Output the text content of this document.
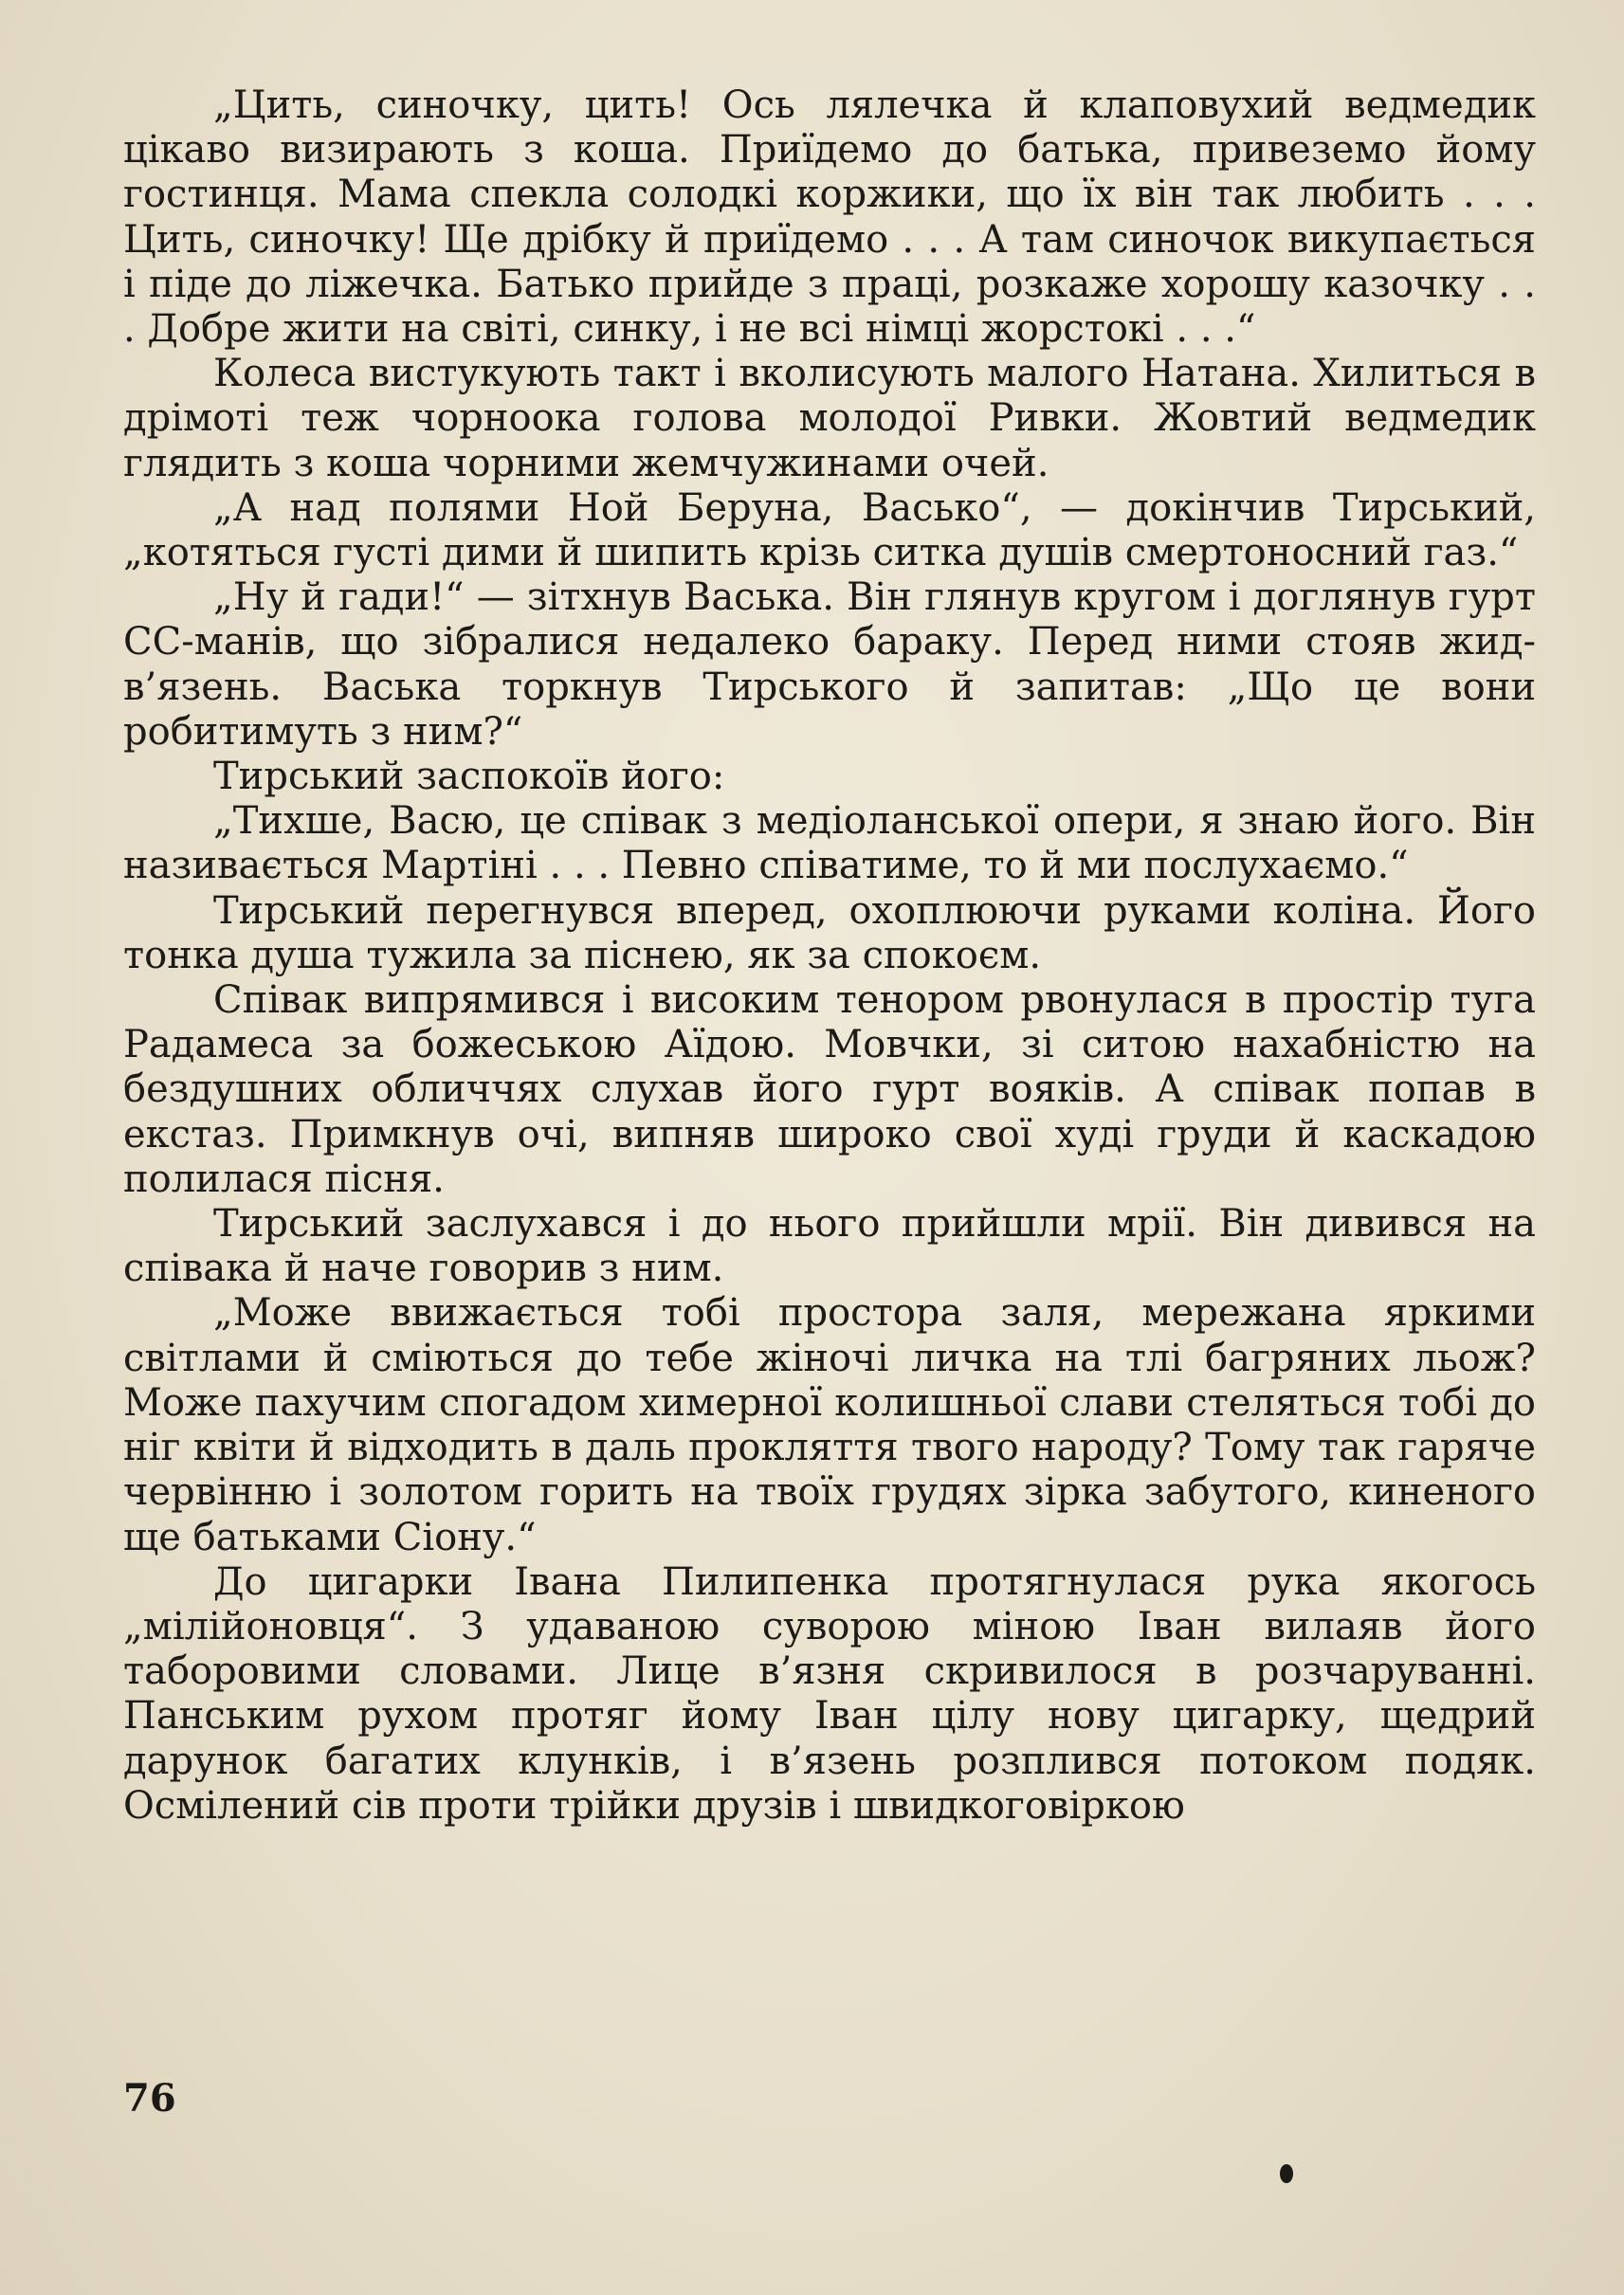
„Цить, синочку, цить! Ось лялечка й клаповухий ведмедик цікаво визирають з коша. Приїдемо до батька, привеземо йому гостинця. Мама спекла солодкі коржики, що їх він так любить . . . Цить, синочку! Ще дрібку й приїдемо . . . А там синочок викупається і піде до ліжечка. Батько прийде з праці, розкаже хорошу казочку . . . Добре жити на світі, синку, і не всі німці жорстокі . . .“

Колеса вистукують такт і вколисують малого Натана. Хилиться в дрімоті теж чорноока голова молодої Ривки. Жовтий ведмедик глядить з коша чорними жемчужинами очей.

„А над полями Ной Беруна, Васько“, — докінчив Тирський, „котяться густі дими й шипить крізь ситка душів смертоносний газ.“

„Ну й гади!“ — зітхнув Васька. Він глянув кругом і доглянув гурт СС-манів, що зібралися недалеко бараку. Перед ними стояв жид-в’язень. Васька торкнув Тирського й запитав: „Що це вони робитимуть з ним?“

Тирський заспокоїв його:

„Тихше, Васю, це співак з медіоланської опери, я знаю його. Він називається Мартіні . . . Певно співатиме, то й ми послухаємо.“

Тирський перегнувся вперед, охоплюючи руками коліна. Його тонка душа тужила за піснею, як за спокоєм.

Співак випрямився і високим тенором рвонулася в простір туга Радамеса за божеською Аїдою. Мовчки, зі ситою нахабністю на бездушних обличчях слухав його гурт вояків. А співак попав в екстаз. Примкнув очі, випняв широко свої худі груди й каскадою полилася пісня.

Тирський заслухався і до нього прийшли мрії. Він дивився на співака й наче говорив з ним.

„Може ввижається тобі простора заля, мережана яркими світлами й сміються до тебе жіночі личка на тлі багряних льож? Може пахучим спогадом химерної колишньої слави стеляться тобі до ніг квіти й відходить в даль прокляття твого народу? Тому так гаряче червінню і золотом горить на твоїх грудях зірка забутого, киненого ще батьками Сіону.“

До цигарки Івана Пилипенка протягнулася рука якогось „мілійоновця“. З удаваною суворою міною Іван вилаяв його таборовими словами. Лице в’язня скривилося в розчаруванні. Панським рухом протяг йому Іван цілу нову цигарку, щедрий дарунок багатих клунків, і в’язень розплився потоком подяк. Осмілений сів проти трійки друзів і швидкоговіркою

76
